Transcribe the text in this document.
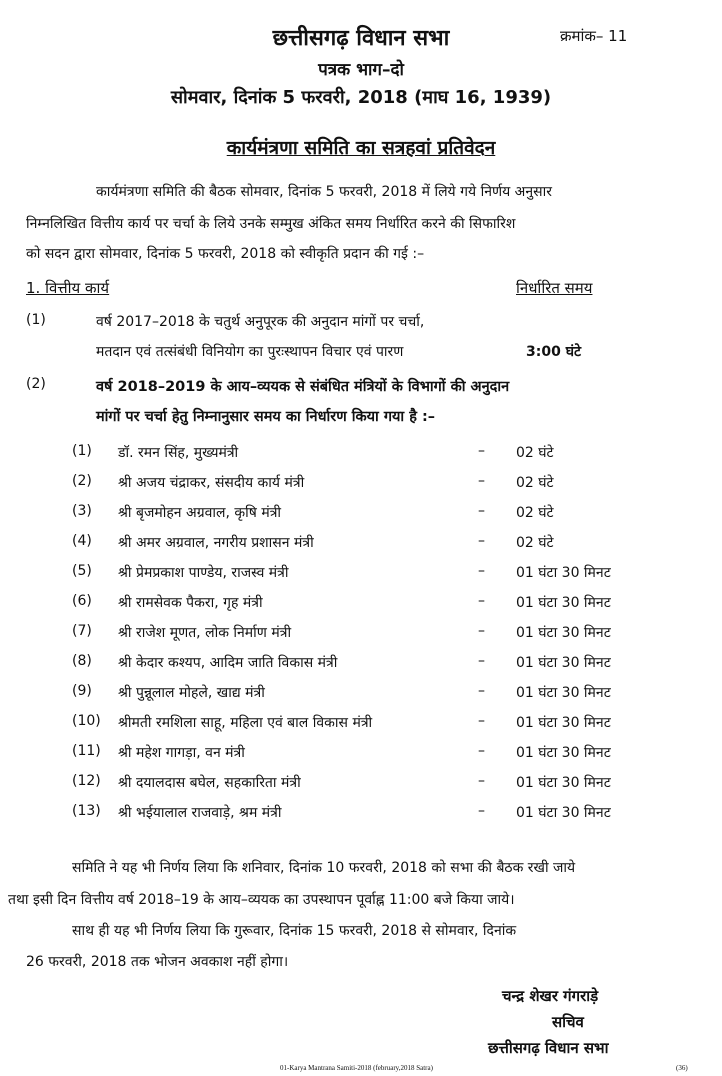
छत्तीसगढ़ विधान सभा	क्रमांक– 11
पत्रक भाग–दो
सोमवार, दिनांक 5 फरवरी, 2018 (माघ 16, 1939)
कार्यमंत्रणा समिति का सत्रहवां प्रतिवेदन
कार्यमंत्रणा समिति की बैठक सोमवार, दिनांक 5 फरवरी, 2018 में लिये गये निर्णय अनुसार
निम्नलिखित वित्तीय कार्य पर चर्चा के लिये उनके सम्मुख अंकित समय निर्धारित करने की सिफारिश
को सदन द्वारा सोमवार, दिनांक 5 फरवरी, 2018 को स्वीकृति प्रदान की गई :–
1. वित्तीय कार्य	निर्धारित समय
(1)	वर्ष 2017–2018 के चतुर्थ अनुपूरक की अनुदान मांगों पर चर्चा,
मतदान एवं तत्संबंधी विनियोग का पुरःस्थापन विचार एवं पारण	3:00 घंटे
(2)	वर्ष 2018–2019 के आय–व्ययक से संबंधित मंत्रियों के विभागों की अनुदान
मांगों पर चर्चा हेतु निम्नानुसार समय का निर्धारण किया गया है :–
(1) डॉ. रमन सिंह, मुख्यमंत्री	– 02 घंटे
(2) श्री अजय चंद्राकर, संसदीय कार्य मंत्री	– 02 घंटे
(3) श्री बृजमोहन अग्रवाल, कृषि मंत्री	– 02 घंटे
(4) श्री अमर अग्रवाल, नगरीय प्रशासन मंत्री	– 02 घंटे
(5) श्री प्रेमप्रकाश पाण्डेय, राजस्व मंत्री	– 01 घंटा 30 मिनट
(6) श्री रामसेवक पैकरा, गृह मंत्री	– 01 घंटा 30 मिनट
(7) श्री राजेश मूणत, लोक निर्माण मंत्री	– 01 घंटा 30 मिनट
(8) श्री केदार कश्यप, आदिम जाति विकास मंत्री	– 01 घंटा 30 मिनट
(9) श्री पुन्नूलाल मोहले, खाद्य मंत्री	– 01 घंटा 30 मिनट
(10) श्रीमती रमशिला साहू, महिला एवं बाल विकास मंत्री	– 01 घंटा 30 मिनट
(11) श्री महेश गागड़ा, वन मंत्री	– 01 घंटा 30 मिनट
(12) श्री दयालदास बघेल, सहकारिता मंत्री	– 01 घंटा 30 मिनट
(13) श्री भईयालाल राजवाड़े, श्रम मंत्री	– 01 घंटा 30 मिनट
समिति ने यह भी निर्णय लिया कि शनिवार, दिनांक 10 फरवरी, 2018 को सभा की बैठक रखी जाये
तथा इसी दिन वित्तीय वर्ष 2018–19 के आय–व्ययक का उपस्थापन पूर्वाह्न 11:00 बजे किया जाये।
साथ ही यह भी निर्णय लिया कि गुरूवार, दिनांक 15 फरवरी, 2018 से सोमवार, दिनांक
26 फरवरी, 2018 तक भोजन अवकाश नहीं होगा।
चन्द्र शेखर गंगराड़े
सचिव
छत्तीसगढ़ विधान सभा
01-Karya Mantrana Samiti-2018 (february,2018 Satra)	(36)
